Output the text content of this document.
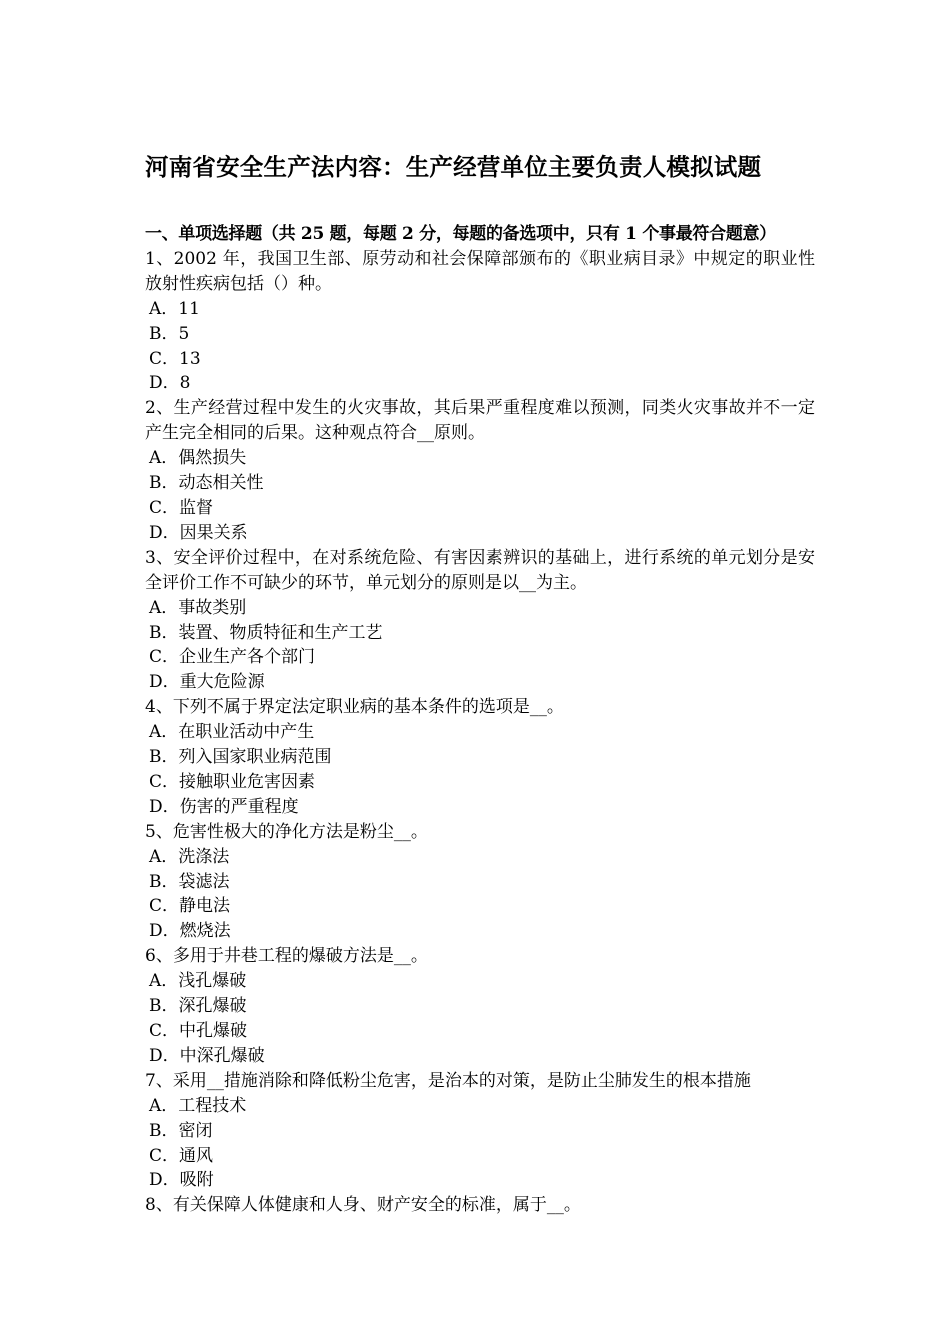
河南省安全生产法内容：生产经营单位主要负责人模拟试题
一、单项选择题（共 25 题，每题 2 分，每题的备选项中，只有 1 个事最符合题意）
1、2002 年，我国卫生部、原劳动和社会保障部颁布的《职业病目录》中规定的职业性放射性疾病包括（）种。
A．11
B．5
C．13
D．8
2、生产经营过程中发生的火灾事故，其后果严重程度难以预测，同类火灾事故并不一定产生完全相同的后果。这种观点符合__原则。
A．偶然损失
B．动态相关性
C．监督
D．因果关系
3、安全评价过程中，在对系统危险、有害因素辨识的基础上，进行系统的单元划分是安全评价工作不可缺少的环节，单元划分的原则是以__为主。
A．事故类别
B．装置、物质特征和生产工艺
C．企业生产各个部门
D．重大危险源
4、下列不属于界定法定职业病的基本条件的选项是__。
A．在职业活动中产生
B．列入国家职业病范围
C．接触职业危害因素
D．伤害的严重程度
5、危害性极大的净化方法是粉尘__。
A．洗涤法
B．袋滤法
C．静电法
D．燃烧法
6、多用于井巷工程的爆破方法是__。
A．浅孔爆破
B．深孔爆破
C．中孔爆破
D．中深孔爆破
7、采用__措施消除和降低粉尘危害，是治本的对策，是防止尘肺发生的根本措施
A．工程技术
B．密闭
C．通风
D．吸附
8、有关保障人体健康和人身、财产安全的标准，属于__。
